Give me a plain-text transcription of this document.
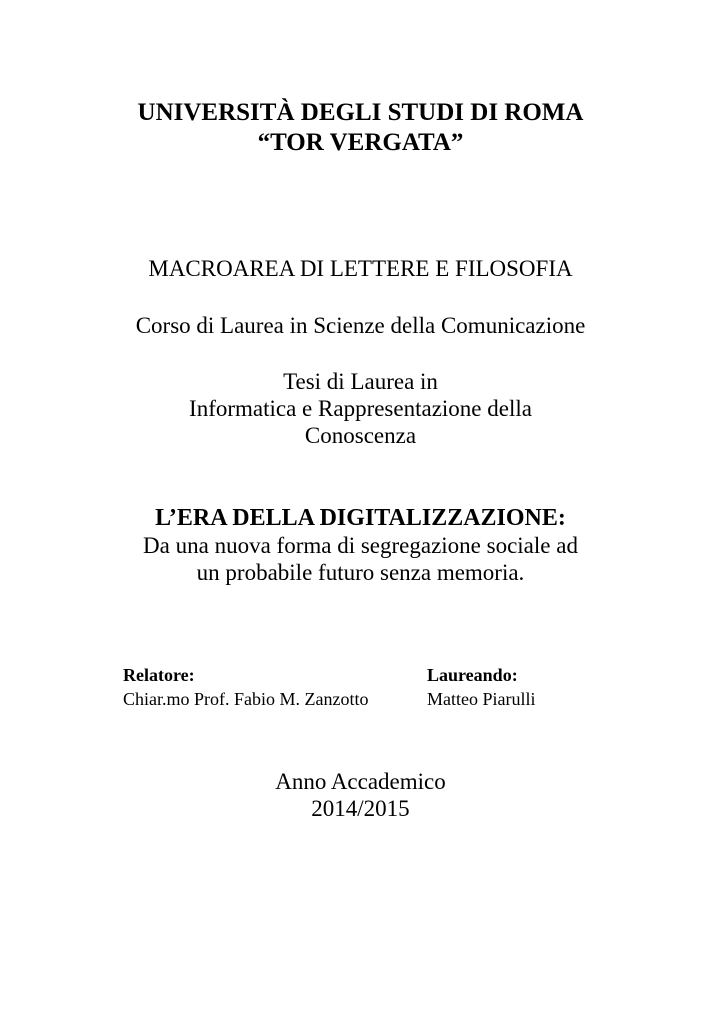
UNIVERSITÀ DEGLI STUDI DI ROMA
“TOR VERGATA”
MACROAREA DI LETTERE E FILOSOFIA
Corso di Laurea in Scienze della Comunicazione
Tesi di Laurea in
Informatica e Rappresentazione della
Conoscenza
L’ERA DELLA DIGITALIZZAZIONE:
Da una nuova forma di segregazione sociale ad
un probabile futuro senza memoria.
Relatore:
Chiar.mo Prof. Fabio M. Zanzotto
Laureando:
Matteo Piarulli
Anno Accademico
2014/2015
